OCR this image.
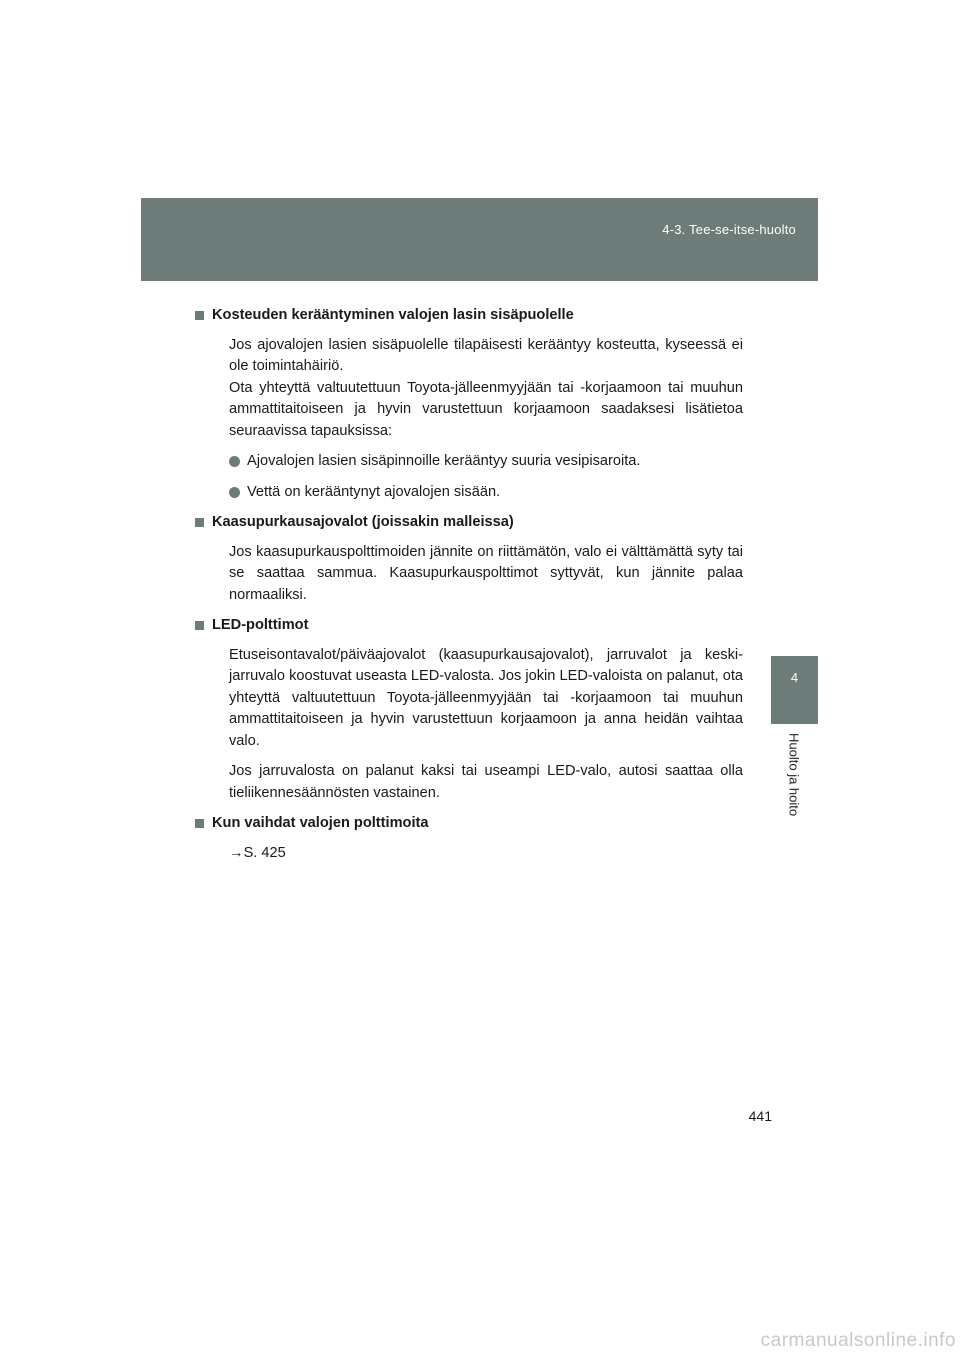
4-3. Tee-se-itse-huolto
4
Huolto ja hoito
Kosteuden kerääntyminen valojen lasin sisäpuolelle

Jos ajovalojen lasien sisäpuolelle tilapäisesti kerääntyy kosteutta, kyseessä ei ole toimintahäiriö.

Ota yhteyttä valtuutettuun Toyota-jälleenmyyjään tai -korjaamoon tai muuhun ammattitaitoiseen ja hyvin varustettuun korjaamoon saadaksesi lisätietoa seuraavissa tapauksissa:

Ajovalojen lasien sisäpinnoille kerääntyy suuria vesipisaroita.
Vettä on kerääntynyt ajovalojen sisään.
Kaasupurkausajovalot (joissakin malleissa)

Jos kaasupurkauspolttimoiden jännite on riittämätön, valo ei välttämättä syty tai se saattaa sammua. Kaasupurkauspolttimot syttyvät, kun jännite palaa normaaliksi.

LED-polttimot

Etuseisontavalot/päiväajovalot (kaasupurkausajovalot), jarruvalot ja keski-jarruvalo koostuvat useasta LED-valosta. Jos jokin LED-valoista on palanut, ota yhteyttä valtuutettuun Toyota-jälleenmyyjään tai -korjaamoon tai muuhun ammattitaitoiseen ja hyvin varustettuun korjaamoon ja anna heidän vaihtaa valo.

Jos jarruvalosta on palanut kaksi tai useampi LED-valo, autosi saattaa olla tieliikennesäännösten vastainen.

Kun vaihdat valojen polttimoita
→S. 425
441
carmanualsonline.info
